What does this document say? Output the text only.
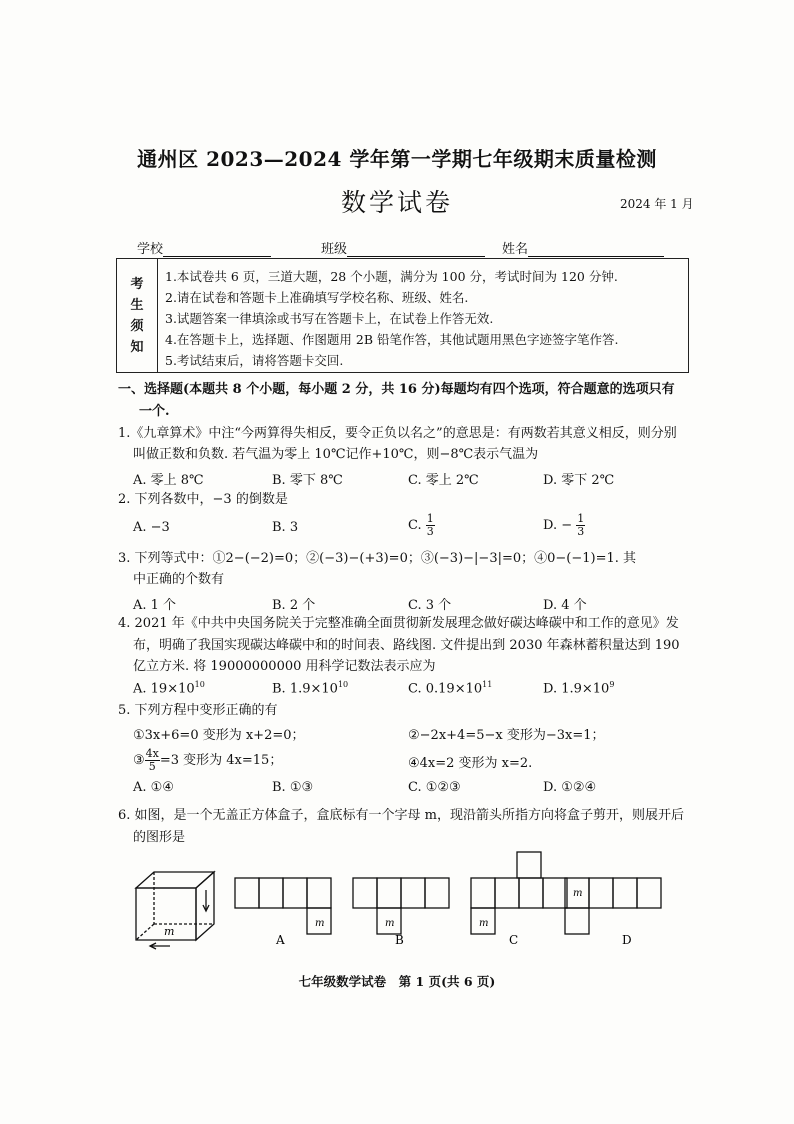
通州区 2023—2024 学年第一学期七年级期末质量检测
数学试卷	2024 年 1 月
学校	班级	姓名
考
生
须
知
1.本试卷共 6 页，三道大题，28 个小题，满分为 100 分，考试时间为 120 分钟.
2.请在试卷和答题卡上准确填写学校名称、班级、姓名.
3.试题答案一律填涂或书写在答题卡上，在试卷上作答无效.
4.在答题卡上，选择题、作图题用 2B 铅笔作答，其他试题用黑色字迹签字笔作答.
5.考试结束后，请将答题卡交回.
一、选择题(本题共 8 个小题，每小题 2 分，共 16 分)每题均有四个选项，符合题意的选项只有
一个.
1.《九章算术》中注“今两算得失相反，要令正负以名之”的意思是：有两数若其意义相反，则分别
叫做正数和负数. 若气温为零上 10℃记作+10℃，则−8℃表示气温为
A. 零上 8℃	B. 零下 8℃	C. 零上 2℃	D. 零下 2℃
2. 下列各数中，−3 的倒数是
A. −3	B. 3	C. $\frac{1}{3}$	D. − $\frac{1}{3}$
3. 下列等式中：①2−(−2)=0；②(−3)−(+3)=0；③(−3)−|−3|=0；④0−(−1)=1. 其
中正确的个数有
A. 1 个	B. 2 个	C. 3 个	D. 4 个
4. 2021 年《中共中央国务院关于完整准确全面贯彻新发展理念做好碳达峰碳中和工作的意见》发
布，明确了我国实现碳达峰碳中和的时间表、路线图. 文件提出到 2030 年森林蓄积量达到 190
亿立方米. 将 19000000000 用科学记数法表示应为
A. $19\times 10^{10}$	B. $1.9\times 10^{10}$	C. $0.19\times 10^{11}$	D. $1.9\times 10^9$
5. 下列方程中变形正确的有
①3x+6=0 变形为 x+2=0；	②−2x+4=5−x 变形为−3x=1；
③ $\frac{4x}{5} =3$ 变形为 4x=15；	④4x=2 变形为 x=2.
A. ①④	B. ①③	C. ①②③	D. ①②④
6. 如图，是一个无盖正方体盒子，盒底标有一个字母 m，现沿箭头所指方向将盒子剪开，则展开后
的图形是
m
m
A
m
B
m
C
m
D
七年级数学试卷　第 1 页(共 6 页)
